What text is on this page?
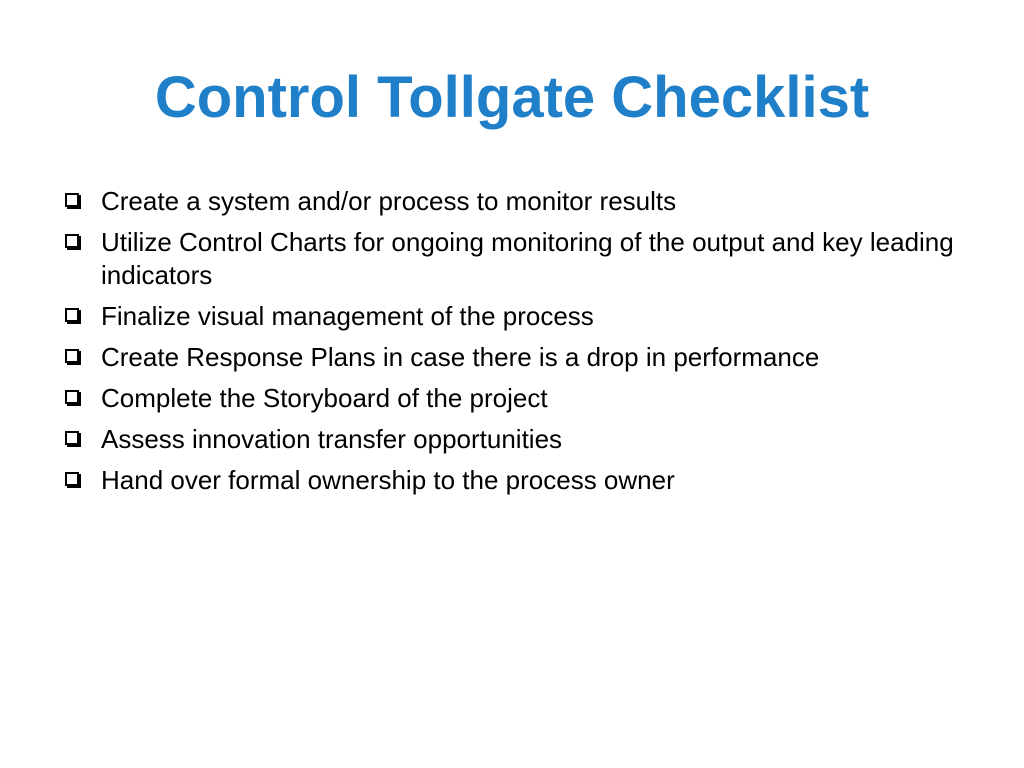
Control Tollgate Checklist
Create a system and/or process to monitor results
Utilize Control Charts for ongoing monitoring of the output and key leading indicators
Finalize visual management of the process
Create Response Plans in case there is a drop in performance
Complete the Storyboard of the project
Assess innovation transfer opportunities
Hand over formal ownership to the process owner
